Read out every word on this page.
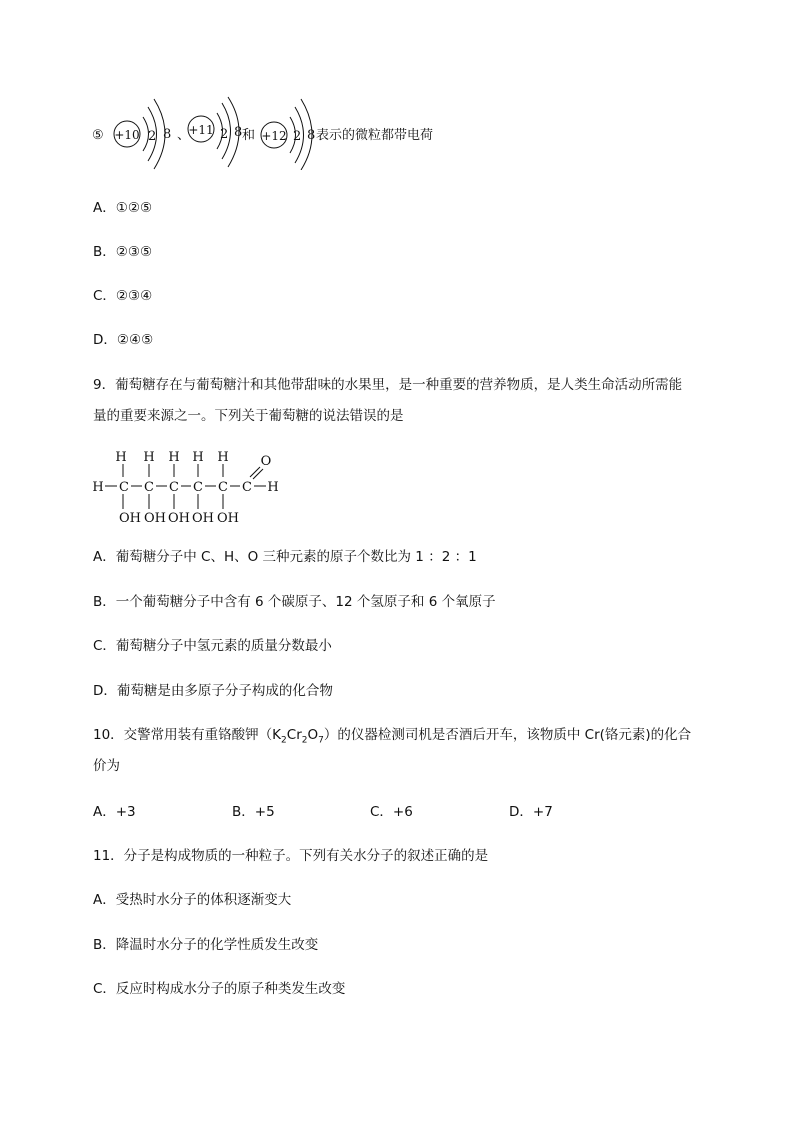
⑤ +10 2 8 、
+11 2 8 和 +12 2 8 表示的微粒都带电荷
A．①②⑤
B．②③⑤
C．②③④
D．②④⑤
9．葡萄糖存在与葡萄糖汁和其他带甜味的水果里，是一种重要的营养物质，是人类生命活动所需能
量的重要来源之一。下列关于葡萄糖的说法错误的是
H H H H H
H C C C C C C H
O
OH OH OH OH OH
A．葡萄糖分子中 C、H、O 三种元素的原子个数比为 1 ：2 ：1
B．一个葡萄糖分子中含有 6 个碳原子、12 个氢原子和 6 个氧原子
C．葡萄糖分子中氢元素的质量分数最小
D．葡萄糖是由多原子分子构成的化合物
10．交警常用装有重铬酸钾$(K_2Cr_2O_7)$的仪器检测司机是否酒后开车，该物质中 Cr(铬元素)的化合
价为
A．+3	B．+5	C．+6	D．+7
11．分子是构成物质的一种粒子。下列有关水分子的叙述正确的是
A．受热时水分子的体积逐渐变大
B．降温时水分子的化学性质发生改变
C．反应时构成水分子的原子种类发生改变
